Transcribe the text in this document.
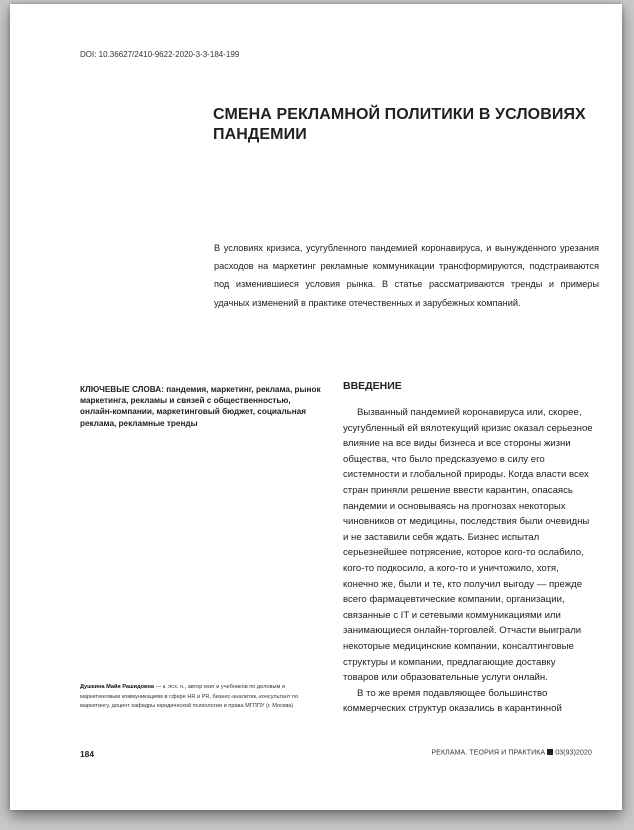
DOI: 10.36627/2410-9622-2020-3-3-184-199
СМЕНА РЕКЛАМНОЙ ПОЛИТИКИ В УСЛОВИЯХ ПАНДЕМИИ

В условиях кризиса, усугубленного пандемией коронавируса, и вынужденного урезания расходов на маркетинг рекламные коммуникации трансформируются, подстраиваются под изменившиеся условия рынка. В статье рассматриваются тренды и примеры удачных изменений в практике отечественных и зарубежных компаний.

КЛЮЧЕВЫЕ СЛОВА: пандемия, маркетинг, реклама, рынок маркетинга, рекламы и связей с общественностью, онлайн-компании, маркетинговый бюджет, социальная реклама, рекламные тренды

Душкина Майя Рашидовна — к. псх. н., автор книг и учебников по деловым и маркетинговым коммуникациям в сфере HR и PR, бизнес-аналитик, консультант по маркетингу, доцент кафедры юридической психологии и права МГППУ (г. Москва)

ВВЕДЕНИЕ

Вызванный пандемией коронавируса или, скорее, усугубленный ей вялотекущий кризис оказал серьезное влияние на все виды бизнеса и все стороны жизни общества, что было предсказуемо в силу его системности и глобальной природы. Когда власти всех стран приняли решение ввести карантин, опасаясь пандемии и основываясь на прогнозах некоторых чиновников от медицины, последствия были очевидны и не заставили себя ждать. Бизнес испытал серьезнейшее потрясение, которое кого-то ослабило, кого-то подкосило, а кого-то и уничтожило, хотя, конечно же, были и те, кто получил выгоду — прежде всего фармацевтические компании, организации, связанные с IT и сетевыми коммуникациями или занимающиеся онлайн-торговлей. Отчасти выиграли некоторые медицинские компании, консалтинговые структуры и компании, предлагающие доставку товаров или образовательные услуги онлайн.

В то же время подавляющее большинство коммерческих структур оказались в карантинной

184	РЕКЛАМА. ТЕОРИЯ И ПРАКТИКА 03(93)2020
